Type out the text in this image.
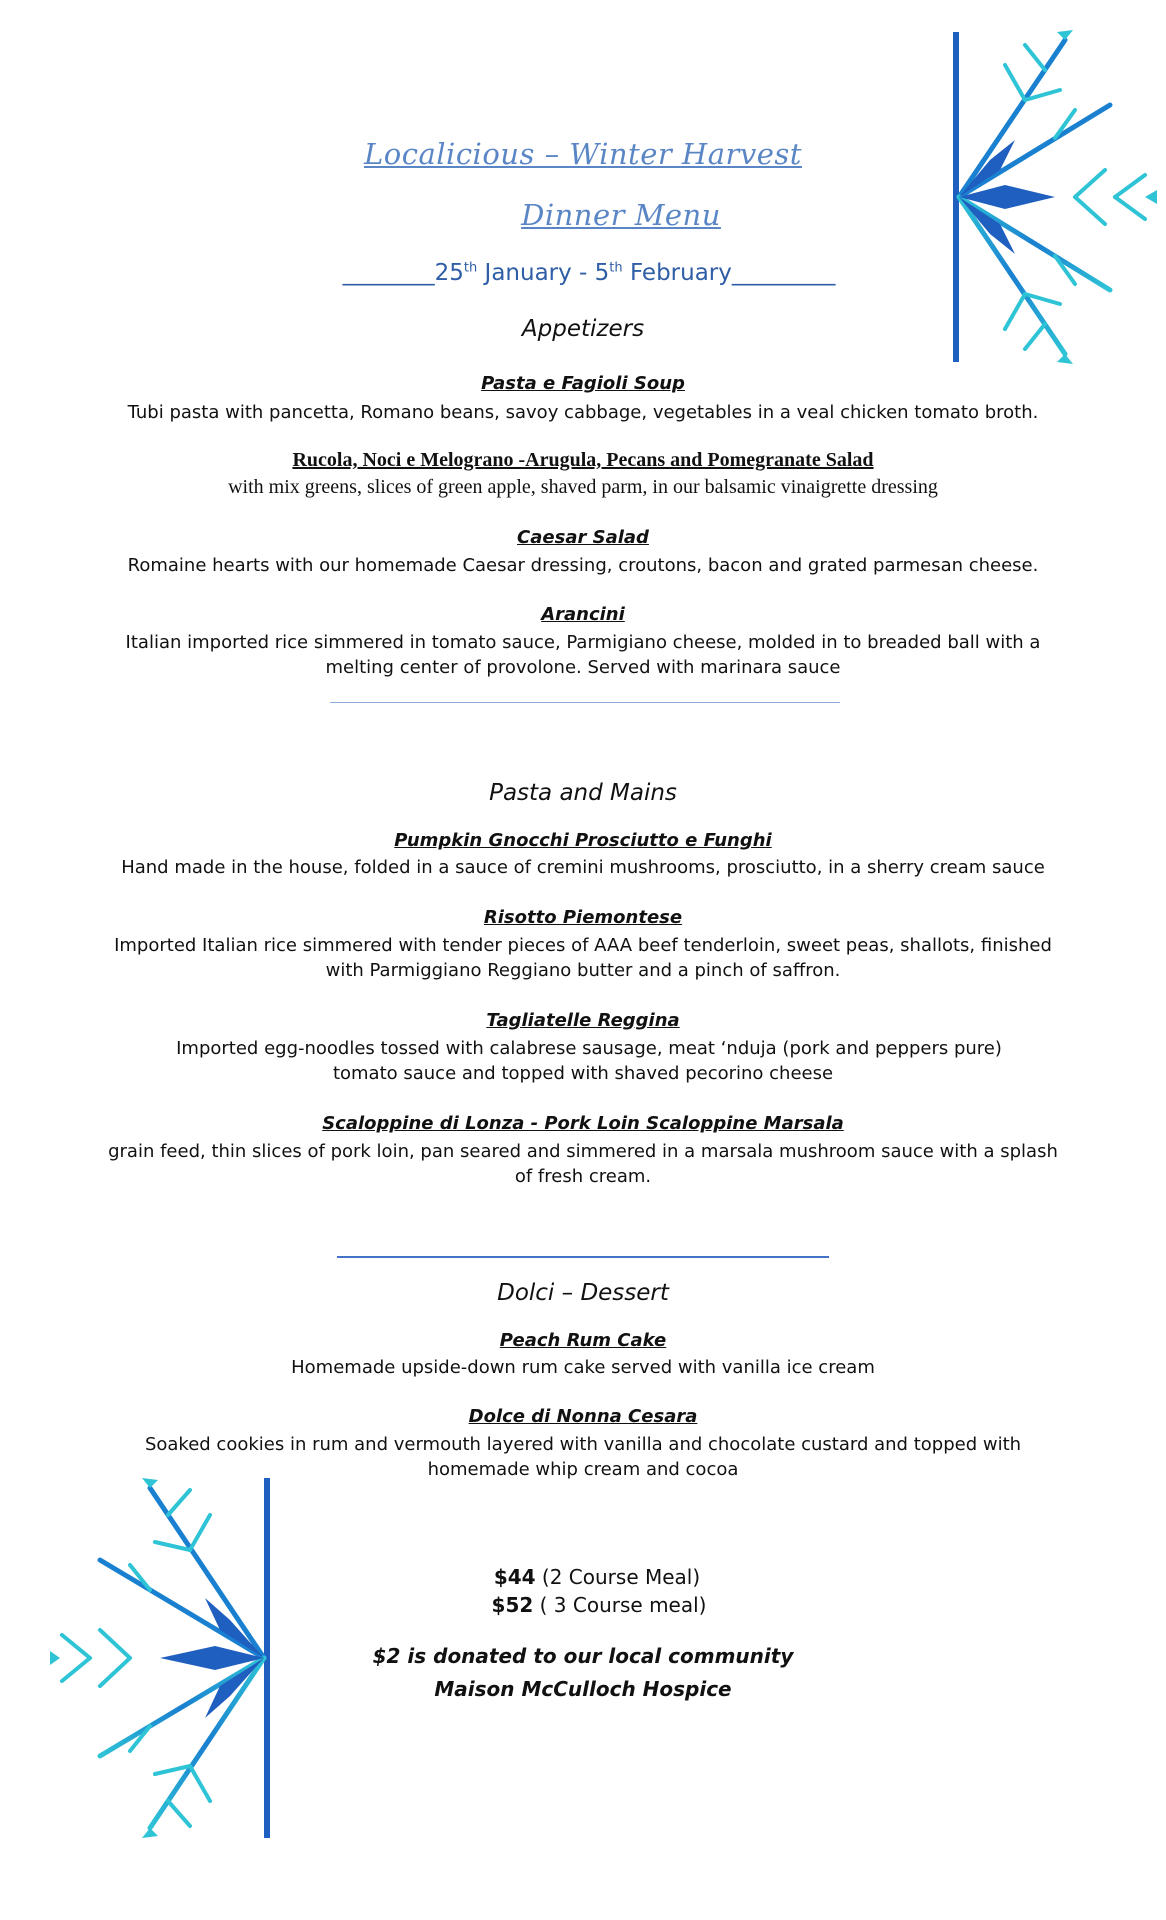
Localicious – Winter Harvest
Dinner Menu
________25th January - 5th February_________
Appetizers
Pasta e Fagioli Soup
Tubi pasta with pancetta, Romano beans, savoy cabbage, vegetables in a veal chicken tomato broth.
Rucola, Noci e Melograno -Arugula, Pecans and Pomegranate Salad
with mix greens, slices of green apple, shaved parm, in our balsamic vinaigrette dressing
Caesar Salad
Romaine hearts with our homemade Caesar dressing, croutons, bacon and grated parmesan cheese.
Arancini
Italian imported rice simmered in tomato sauce, Parmigiano cheese, molded in to breaded ball with a
melting center of provolone. Served with marinara sauce
Pasta and Mains
Pumpkin Gnocchi Prosciutto e Funghi
Hand made in the house, folded in a sauce of cremini mushrooms, prosciutto, in a sherry cream sauce
Risotto Piemontese
Imported Italian rice simmered with tender pieces of AAA beef tenderloin, sweet peas, shallots, finished
with Parmiggiano Reggiano butter and a pinch of saffron.
Tagliatelle Reggina
Imported egg-noodles tossed with calabrese sausage, meat ‘nduja (pork and peppers pure)
tomato sauce and topped with shaved pecorino cheese
Scaloppine di Lonza - Pork Loin Scaloppine Marsala
grain feed, thin slices of pork loin, pan seared and simmered in a marsala mushroom sauce with a splash
of fresh cream.
Dolci – Dessert
Peach Rum Cake
Homemade upside-down rum cake served with vanilla ice cream
Dolce di Nonna Cesara
Soaked cookies in rum and vermouth layered with vanilla and chocolate custard and topped with
homemade whip cream and cocoa
$44 (2 Course Meal)
$52 ( 3 Course meal)
$2 is donated to our local community
Maison McCulloch Hospice
